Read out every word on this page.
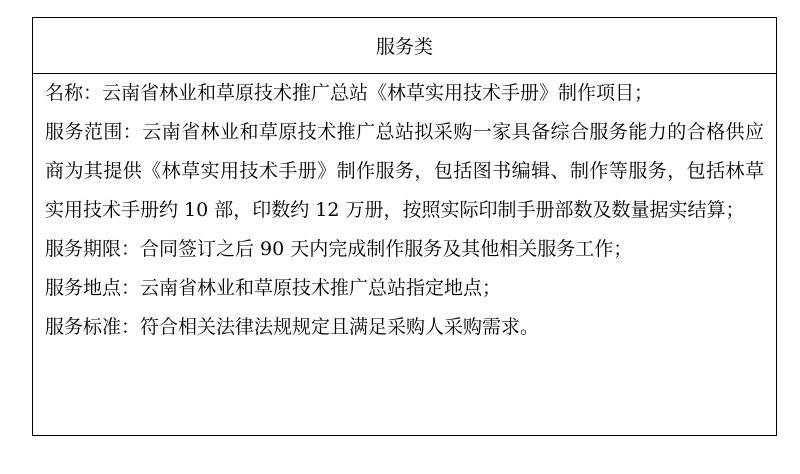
服务类

名称：云南省林业和草原技术推广总站《林草实用技术手册》制作项目；

服务范围：云南省林业和草原技术推广总站拟采购一家具备综合服务能力的合格供应商为其提供《林草实用技术手册》制作服务，包括图书编辑、制作等服务，包括林草实用技术手册约 10 部，印数约 12 万册，按照实际印制手册部数及数量据实结算；

服务期限：合同签订之后 90 天内完成制作服务及其他相关服务工作；

服务地点：云南省林业和草原技术推广总站指定地点；

服务标准：符合相关法律法规规定且满足采购人采购需求。
